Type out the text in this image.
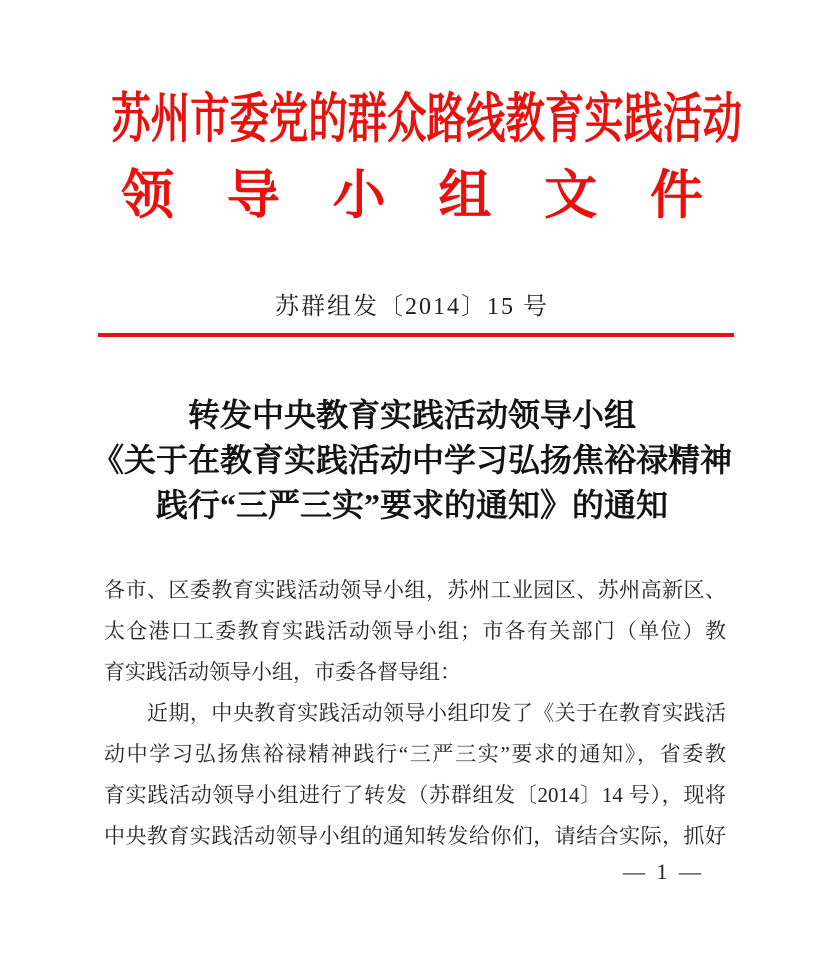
苏州市委党的群众路线教育实践活动
领 导 小 组 文 件
苏群组发〔2014〕15 号
转发中央教育实践活动领导小组
《关于在教育实践活动中学习弘扬焦裕禄精神
践行“三严三实”要求的通知》的通知
各市、区委教育实践活动领导小组，苏州工业园区、苏州高新区、
太仓港口工委教育实践活动领导小组；市各有关部门（单位）教
育实践活动领导小组，市委各督导组：
近期，中央教育实践活动领导小组印发了《关于在教育实践活
动中学习弘扬焦裕禄精神践行“三严三实”要求的通知》，省委教
育实践活动领导小组进行了转发（苏群组发〔2014〕14 号），现将
中央教育实践活动领导小组的通知转发给你们，请结合实际，抓好
— 1 —
